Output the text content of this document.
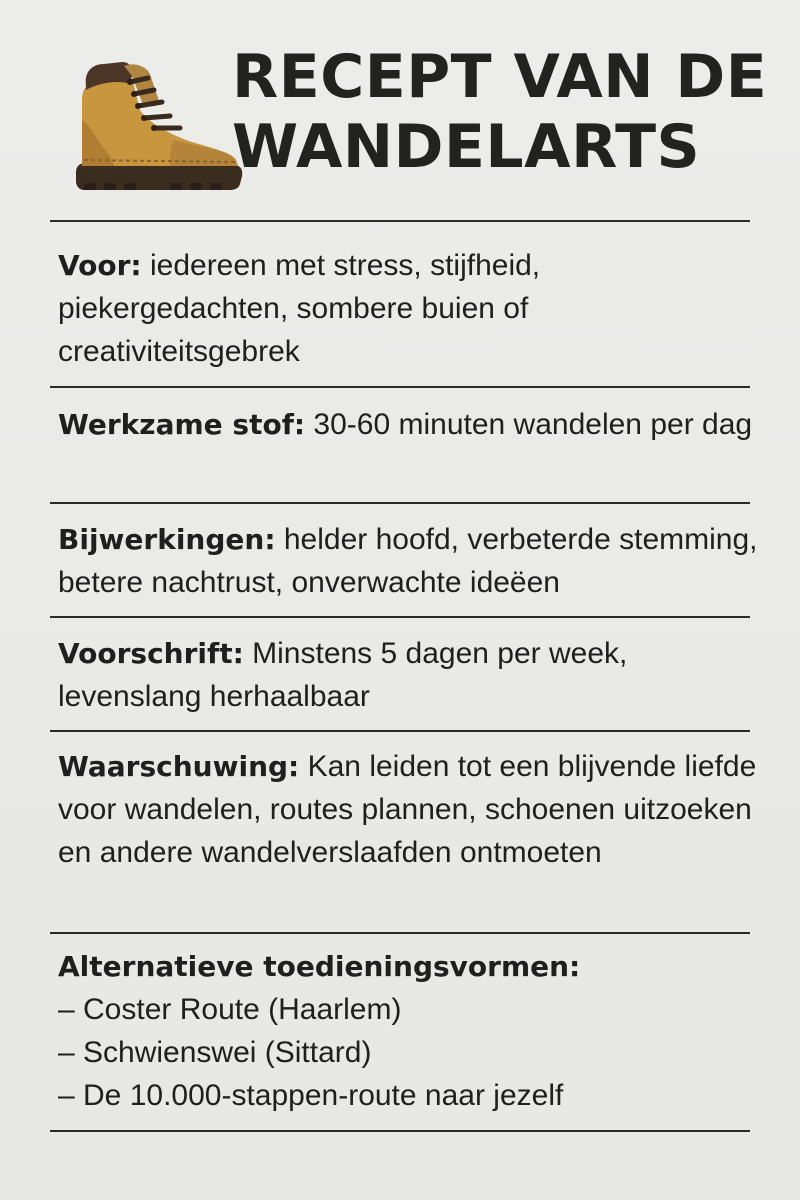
RECEPT VAN DE
WANDELARTS

Voor: iedereen met stress, stijfheid, piekergedachten, sombere buien of creativiteitsgebrek

Werkzame stof: 30-60 minuten wandelen per dag

Bijwerkingen: helder hoofd, verbeterde stemming, betere nachtrust, onverwachte ideëen

Voorschrift: Minstens 5 dagen per week, levenslang herhaalbaar

Waarschuwing: Kan leiden tot een blijvende liefde voor wandelen, routes plannen, schoenen uitzoeken en andere wandelverslaafden ontmoeten

Alternatieve toedieningsvormen:
– Coster Route (Haarlem)
– Schwienswei (Sittard)
– De 10.000-stappen-route naar jezelf
